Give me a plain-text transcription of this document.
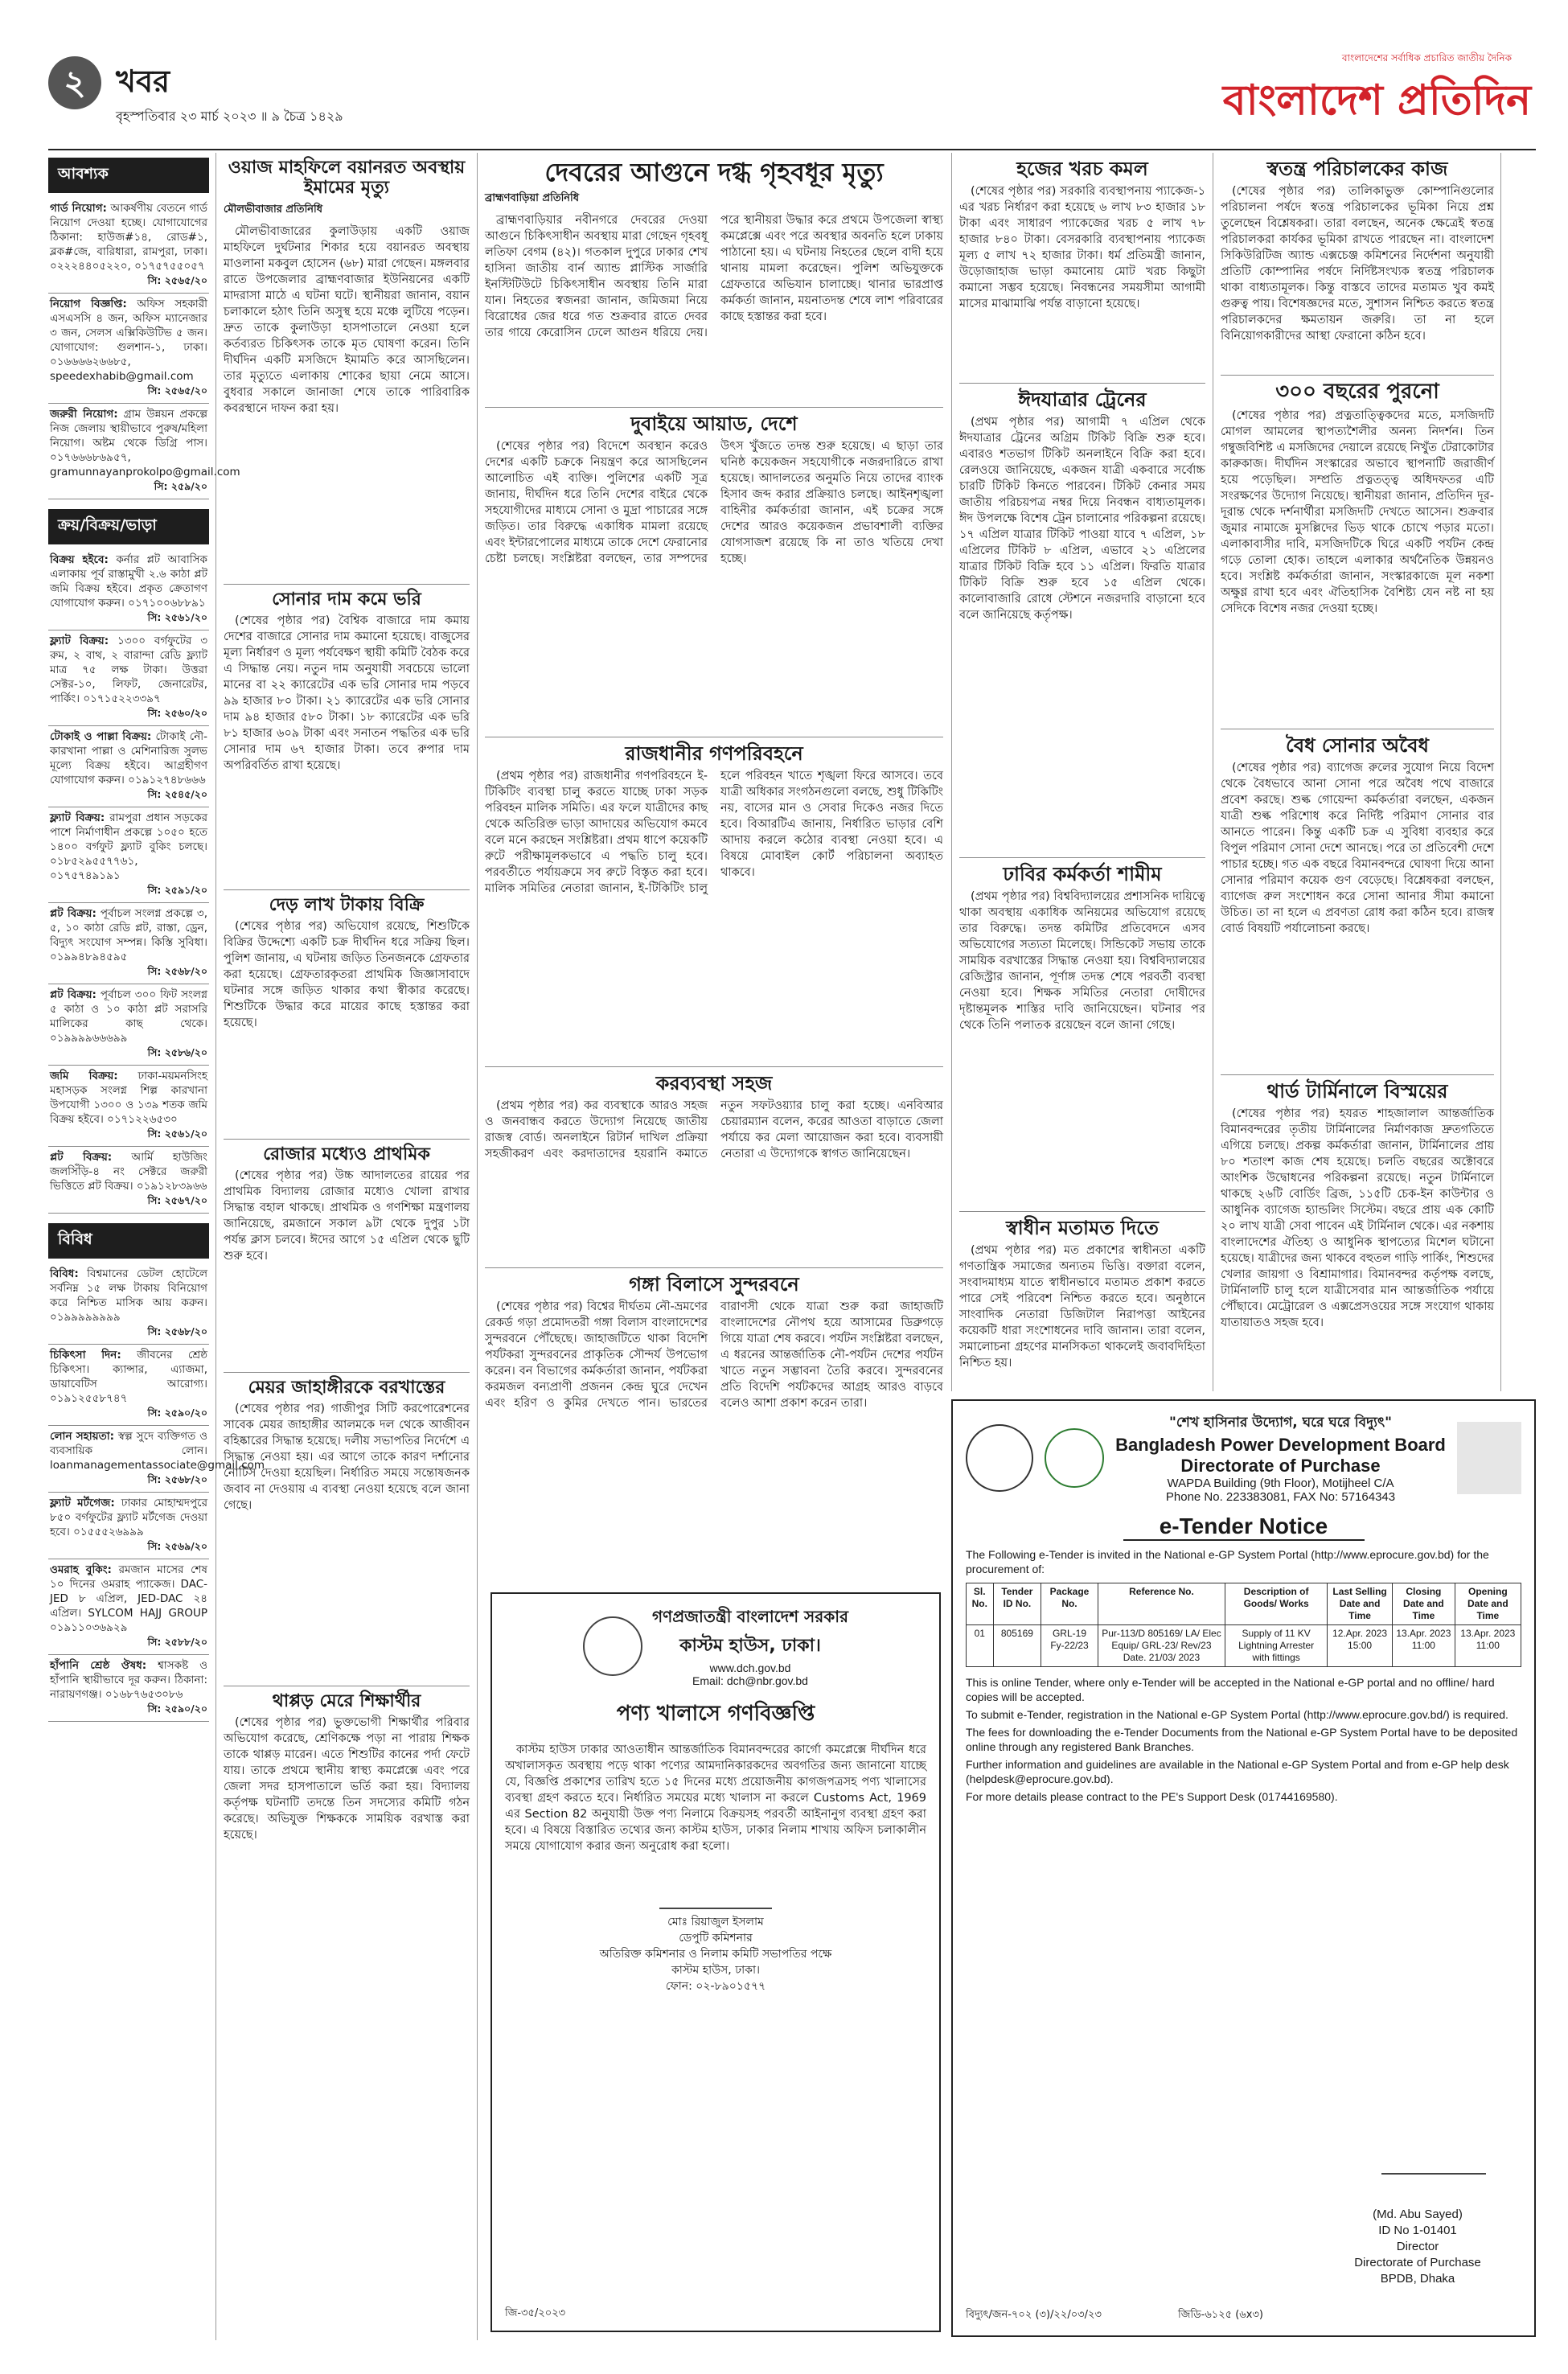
২ খবর
বৃহস্পতিবার ২৩ মার্চ ২০২৩ ॥ ৯ চৈত্র ১৪২৯
বাংলাদেশের সর্বাধিক প্রচারিত জাতীয় দৈনিক
বাংলাদেশ প্রতিদিন
আবশ্যক
গার্ড নিয়োগ: আকর্ষণীয় বেতনে গার্ড নিয়োগ দেওয়া হচ্ছে। যোগাযোগের ঠিকানা: হাউজ#১৪, রোড#১, ব্লক#জে, বারিধারা, রামপুরা, ঢাকা। ০২২২৪৪০৫২২০, ০১৭৫৭৫৫০৫৭
সি: ২৫৬৫/২০
নিয়োগ বিজ্ঞপ্তি: অফিস সহকারী এসএসসি ৪ জন, অফিস ম্যানেজার ৩ জন, সেলস এক্সিকিউটিভ ৫ জন। যোগাযোগ: গুলশান-১, ঢাকা। ০১৬৬৬৬২৬৬৮৫, speedexhabib@gmail.com
সি: ২৫৬৫/২০
জরুরী নিয়োগ: গ্রাম উন্নয়ন প্রকল্পে নিজ জেলায় স্থায়ীভাবে পুরুষ/মহিলা নিয়োগ। অষ্টম থেকে ডিগ্রি পাস। ০১৭৬৬৬৮৬৯৫৭, gramunnayanprokolpo@gmail.com
সি: ২৫৯/২০
ক্রয়/বিক্রয়/ভাড়া
বিক্রয় হইবে: কর্নার প্লট আবাসিক এলাকায় পূর্ব রাস্তামুখী ২.৬ কাঠা প্লট জমি বিক্রয় হইবে। প্রকৃত ক্রেতাগণ যোগাযোগ করুন। ০১৭১০০৬৮৮৯১
সি: ২৫৬১/২০
ফ্ল্যাট বিক্রয়: ১৩০০ বর্গফুটের ৩ রুম, ২ বাথ, ২ বারান্দা রেডি ফ্ল্যাট মাত্র ৭৫ লক্ষ টাকা। উত্তরা সেক্টর-১০, লিফট, জেনারেটর, পার্কিং। ০১৭১৫২২৩৩৯৭
সি: ২৫৬০/২০
টোকাই ও পাল্লা বিক্রয়: টোকাই নৌ-কারখানা পাল্লা ও মেশিনারিজ সুলভ মূল্যে বিক্রয় হইবে। আগ্রহীগণ যোগাযোগ করুন। ০১৯১২৭৪৮৬৬৬
সি: ২৫৪৫/২০
ফ্ল্যাট বিক্রয়: রামপুরা প্রধান সড়কের পাশে নির্মাণাধীন প্রকল্পে ১০৫০ হতে ১৪০০ বর্গফুট ফ্ল্যাট বুকিং চলছে। ০১৮৫২৯৫৫৭৭৬১, ০১৭৫৭৪৯১৯১
সি: ২৫৯১/২০
প্লট বিক্রয়: পূর্বাচল সংলগ্ন প্রকল্পে ৩, ৫, ১০ কাঠা রেডি প্লট, রাস্তা, ড্রেন, বিদ্যুৎ সংযোগ সম্পন্ন। কিস্তি সুবিধা। ০১৯৯৪৮৯৪৫৯৫
সি: ২৫৬৮/২০
প্লট বিক্রয়: পূর্বাচল ৩০০ ফিট সংলগ্ন ৫ কাঠা ও ১০ কাঠা প্লট সরাসরি মালিকের কাছ থেকে। ০১৯৯৯৯৬৬৬৯৯
সি: ২৫৮৬/২০
জমি বিক্রয়: ঢাকা-ময়মনসিংহ মহাসড়ক সংলগ্ন শিল্প কারখানা উপযোগী ১৩০০ ও ১৩৯ শতক জমি বিক্রয় হইবে। ০১৭১২২৬৫৩০
সি: ২৫৬১/২০
প্লট বিক্রয়: আর্মি হাউজিং জলসিঁড়ি-৪ নং সেক্টরে জরুরী ভিত্তিতে প্লট বিক্রয়। ০১৯১২৮৩৯৬৬
সি: ২৫৬৭/২০
বিবিধ
বিবিধ: বিশ্বমানের ডেটল হোটেলে সর্বনিম্ন ১৫ লক্ষ টাকায় বিনিয়োগ করে নিশ্চিত মাসিক আয় করুন। ০১৯৯৯৯৯৯৯৯
সি: ২৫৬৮/২০
চিকিৎসা দিন: জীবনের শ্রেষ্ঠ চিকিৎসা। ক্যান্সার, এ্যাজমা, ডায়াবেটিস আরোগ্য। ০১৯১২৫৫৮৭৪৭
সি: ২৫৯০/২০
লোন সহায়তা: স্বল্প সুদে ব্যক্তিগত ও ব্যবসায়িক লোন। loanmanagementassociate@gmail.com
সি: ২৫৬৮/২০
ফ্ল্যাট মর্টগেজ: ঢাকার মোহাম্মদপুরে ৮৫০ বর্গফুটের ফ্ল্যাট মর্টগেজ দেওয়া হবে। ০১৫৫৫২৬৯৯৯
সি: ২৫৬৯/২০
ওমরাহ বুকিং: রমজান মাসের শেষ ১০ দিনের ওমরাহ প্যাকেজ। DAC-JED ৮ এপ্রিল, JED-DAC ২৪ এপ্রিল। SYLCOM HAJJ GROUP ০১৯১১০৩৬৯২৯
সি: ২৫৮৮/২০
হাঁপানি শ্রেষ্ঠ ঔষধ: শ্বাসকষ্ট ও হাঁপানি স্থায়ীভাবে দূর করুন। ঠিকানা: নারায়ণগঞ্জ। ০১৬৮৭৬৫৩০৮৬
সি: ২৫৯০/২০
ওয়াজ মাহফিলে বয়ানরত অবস্থায় ইমামের মৃত্যু
মৌলভীবাজার প্রতিনিধি

মৌলভীবাজারের কুলাউড়ায় একটি ওয়াজ মাহফিলে দুর্ঘটনার শিকার হয়ে বয়ানরত অবস্থায় মাওলানা মকবুল হোসেন (৬৮) মারা গেছেন। মঙ্গলবার রাতে উপজেলার ব্রাহ্মণবাজার ইউনিয়নের একটি মাদরাসা মাঠে এ ঘটনা ঘটে। স্থানীয়রা জানান, বয়ান চলাকালে হঠাৎ তিনি অসুস্থ হয়ে মঞ্চে লুটিয়ে পড়েন। দ্রুত তাকে কুলাউড়া হাসপাতালে নেওয়া হলে কর্তব্যরত চিকিৎসক তাকে মৃত ঘোষণা করেন। তিনি দীর্ঘদিন একটি মসজিদে ইমামতি করে আসছিলেন। তার মৃত্যুতে এলাকায় শোকের ছায়া নেমে আসে। বুধবার সকালে জানাজা শেষে তাকে পারিবারিক কবরস্থানে দাফন করা হয়।

সোনার দাম কমে ভরি

(শেষের পৃষ্ঠার পর) বৈশ্বিক বাজারে দাম কমায় দেশের বাজারে সোনার দাম কমানো হয়েছে। বাজুসের মূল্য নির্ধারণ ও মূল্য পর্যবেক্ষণ স্থায়ী কমিটি বৈঠক করে এ সিদ্ধান্ত নেয়। নতুন দাম অনুযায়ী সবচেয়ে ভালো মানের বা ২২ ক্যারেটের এক ভরি সোনার দাম পড়বে ৯৯ হাজার ৮০ টাকা। ২১ ক্যারেটের এক ভরি সোনার দাম ৯৪ হাজার ৫৮০ টাকা। ১৮ ক্যারেটের এক ভরি ৮১ হাজার ৬০৯ টাকা এবং সনাতন পদ্ধতির এক ভরি সোনার দাম ৬৭ হাজার টাকা। তবে রুপার দাম অপরিবর্তিত রাখা হয়েছে।

দেড় লাখ টাকায় বিক্রি

(শেষের পৃষ্ঠার পর) অভিযোগ রয়েছে, শিশুটিকে বিক্রির উদ্দেশ্যে একটি চক্র দীর্ঘদিন ধরে সক্রিয় ছিল। পুলিশ জানায়, এ ঘটনায় জড়িত তিনজনকে গ্রেফতার করা হয়েছে। গ্রেফতারকৃতরা প্রাথমিক জিজ্ঞাসাবাদে ঘটনার সঙ্গে জড়িত থাকার কথা স্বীকার করেছে। শিশুটিকে উদ্ধার করে মায়ের কাছে হস্তান্তর করা হয়েছে।

রোজার মধ্যেও প্রাথমিক

(শেষের পৃষ্ঠার পর) উচ্চ আদালতের রায়ের পর প্রাথমিক বিদ্যালয় রোজার মধ্যেও খোলা রাখার সিদ্ধান্ত বহাল থাকছে। প্রাথমিক ও গণশিক্ষা মন্ত্রণালয় জানিয়েছে, রমজানে সকাল ৯টা থেকে দুপুর ১টা পর্যন্ত ক্লাস চলবে। ঈদের আগে ১৫ এপ্রিল থেকে ছুটি শুরু হবে।

মেয়র জাহাঙ্গীরকে বরখাস্তের

(শেষের পৃষ্ঠার পর) গাজীপুর সিটি করপোরেশনের সাবেক মেয়র জাহাঙ্গীর আলমকে দল থেকে আজীবন বহিষ্কারের সিদ্ধান্ত হয়েছে। দলীয় সভাপতির নির্দেশে এ সিদ্ধান্ত নেওয়া হয়। এর আগে তাকে কারণ দর্শানোর নোটিস দেওয়া হয়েছিল। নির্ধারিত সময়ে সন্তোষজনক জবাব না দেওয়ায় এ ব্যবস্থা নেওয়া হয়েছে বলে জানা গেছে।

থাপ্পড় মেরে শিক্ষার্থীর

(শেষের পৃষ্ঠার পর) ভুক্তভোগী শিক্ষার্থীর পরিবার অভিযোগ করেছে, শ্রেণিকক্ষে পড়া না পারায় শিক্ষক তাকে থাপ্পড় মারেন। এতে শিশুটির কানের পর্দা ফেটে যায়। তাকে প্রথমে স্থানীয় স্বাস্থ্য কমপ্লেক্সে এবং পরে জেলা সদর হাসপাতালে ভর্তি করা হয়। বিদ্যালয় কর্তৃপক্ষ ঘটনাটি তদন্তে তিন সদস্যের কমিটি গঠন করেছে। অভিযুক্ত শিক্ষককে সাময়িক বরখাস্ত করা হয়েছে।

দেবরের আগুনে দগ্ধ গৃহবধূর মৃত্যু
ব্রাহ্মণবাড়িয়া প্রতিনিধি

ব্রাহ্মণবাড়িয়ার নবীনগরে দেবরের দেওয়া আগুনে চিকিৎসাধীন অবস্থায় মারা গেছেন গৃহবধূ লতিফা বেগম (৪২)। গতকাল দুপুরে ঢাকার শেখ হাসিনা জাতীয় বার্ন অ্যান্ড প্লাস্টিক সার্জারি ইনস্টিটিউটে চিকিৎসাধীন অবস্থায় তিনি মারা যান। নিহতের স্বজনরা জানান, জমিজমা নিয়ে বিরোধের জের ধরে গত শুক্রবার রাতে দেবর তার গায়ে কেরোসিন ঢেলে আগুন ধরিয়ে দেয়। পরে স্থানীয়রা উদ্ধার করে প্রথমে উপজেলা স্বাস্থ্য কমপ্লেক্সে এবং পরে অবস্থার অবনতি হলে ঢাকায় পাঠানো হয়। এ ঘটনায় নিহতের ছেলে বাদী হয়ে থানায় মামলা করেছেন। পুলিশ অভিযুক্তকে গ্রেফতারে অভিযান চালাচ্ছে। থানার ভারপ্রাপ্ত কর্মকর্তা জানান, ময়নাতদন্ত শেষে লাশ পরিবারের কাছে হস্তান্তর করা হবে।

দুবাইয়ে আয়াড, দেশে

(শেষের পৃষ্ঠার পর) বিদেশে অবস্থান করেও দেশের একটি চক্রকে নিয়ন্ত্রণ করে আসছিলেন আলোচিত এই ব্যক্তি। পুলিশের একটি সূত্র জানায়, দীর্ঘদিন ধরে তিনি দেশের বাইরে থেকে সহযোগীদের মাধ্যমে সোনা ও মুদ্রা পাচারের সঙ্গে জড়িত। তার বিরুদ্ধে একাধিক মামলা রয়েছে এবং ইন্টারপোলের মাধ্যমে তাকে দেশে ফেরানোর চেষ্টা চলছে। সংশ্লিষ্টরা বলছেন, তার সম্পদের উৎস খুঁজতে তদন্ত শুরু হয়েছে। এ ছাড়া তার ঘনিষ্ঠ কয়েকজন সহযোগীকে নজরদারিতে রাখা হয়েছে। আদালতের অনুমতি নিয়ে তাদের ব্যাংক হিসাব জব্দ করার প্রক্রিয়াও চলছে। আইনশৃঙ্খলা বাহিনীর কর্মকর্তারা জানান, এই চক্রের সঙ্গে দেশের আরও কয়েকজন প্রভাবশালী ব্যক্তির যোগসাজশ রয়েছে কি না তাও খতিয়ে দেখা হচ্ছে।

রাজধানীর গণপরিবহনে

(প্রথম পৃষ্ঠার পর) রাজধানীর গণপরিবহনে ই-টিকিটিং ব্যবস্থা চালু করতে যাচ্ছে ঢাকা সড়ক পরিবহন মালিক সমিতি। এর ফলে যাত্রীদের কাছ থেকে অতিরিক্ত ভাড়া আদায়ের অভিযোগ কমবে বলে মনে করছেন সংশ্লিষ্টরা। প্রথম ধাপে কয়েকটি রুটে পরীক্ষামূলকভাবে এ পদ্ধতি চালু হবে। পরবর্তীতে পর্যায়ক্রমে সব রুটে বিস্তৃত করা হবে। মালিক সমিতির নেতারা জানান, ই-টিকিটিং চালু হলে পরিবহন খাতে শৃঙ্খলা ফিরে আসবে। তবে যাত্রী অধিকার সংগঠনগুলো বলছে, শুধু টিকিটিং নয়, বাসের মান ও সেবার দিকেও নজর দিতে হবে। বিআরটিএ জানায়, নির্ধারিত ভাড়ার বেশি আদায় করলে কঠোর ব্যবস্থা নেওয়া হবে। এ বিষয়ে মোবাইল কোর্ট পরিচালনা অব্যাহত থাকবে।

করব্যবস্থা সহজ

(প্রথম পৃষ্ঠার পর) কর ব্যবস্থাকে আরও সহজ ও জনবান্ধব করতে উদ্যোগ নিয়েছে জাতীয় রাজস্ব বোর্ড। অনলাইনে রিটার্ন দাখিল প্রক্রিয়া সহজীকরণ এবং করদাতাদের হয়রানি কমাতে নতুন সফটওয়্যার চালু করা হচ্ছে। এনবিআর চেয়ারম্যান বলেন, করের আওতা বাড়াতে জেলা পর্যায়ে কর মেলা আয়োজন করা হবে। ব্যবসায়ী নেতারা এ উদ্যোগকে স্বাগত জানিয়েছেন।

গঙ্গা বিলাসে সুন্দরবনে

(শেষের পৃষ্ঠার পর) বিশ্বের দীর্ঘতম নৌ-ভ্রমণের রেকর্ড গড়া প্রমোদতরী গঙ্গা বিলাস বাংলাদেশের সুন্দরবনে পৌঁছেছে। জাহাজটিতে থাকা বিদেশি পর্যটকরা সুন্দরবনের প্রাকৃতিক সৌন্দর্য উপভোগ করেন। বন বিভাগের কর্মকর্তারা জানান, পর্যটকরা করমজল বন্যপ্রাণী প্রজনন কেন্দ্র ঘুরে দেখেন এবং হরিণ ও কুমির দেখতে পান। ভারতের বারাণসী থেকে যাত্রা শুরু করা জাহাজটি বাংলাদেশের নৌপথ হয়ে আসামের ডিব্রুগড়ে গিয়ে যাত্রা শেষ করবে। পর্যটন সংশ্লিষ্টরা বলছেন, এ ধরনের আন্তর্জাতিক নৌ-পর্যটন দেশের পর্যটন খাতে নতুন সম্ভাবনা তৈরি করবে। সুন্দরবনের প্রতি বিদেশি পর্যটকদের আগ্রহ আরও বাড়বে বলেও আশা প্রকাশ করেন তারা।

গণপ্রজাতন্ত্রী বাংলাদেশ সরকার
কাস্টম হাউস, ঢাকা।
www.dch.gov.bd
Email: dch@nbr.gov.bd
পণ্য খালাসে গণবিজ্ঞপ্তি

কাস্টম হাউস ঢাকার আওতাধীন আন্তর্জাতিক বিমানবন্দরের কার্গো কমপ্লেক্সে দীর্ঘদিন ধরে অখালাসকৃত অবস্থায় পড়ে থাকা পণ্যের আমদানিকারকদের অবগতির জন্য জানানো যাচ্ছে যে, বিজ্ঞপ্তি প্রকাশের তারিখ হতে ১৫ দিনের মধ্যে প্রয়োজনীয় কাগজপত্রসহ পণ্য খালাসের ব্যবস্থা গ্রহণ করতে হবে। নির্ধারিত সময়ের মধ্যে খালাস না করলে Customs Act, 1969 এর Section 82 অনুযায়ী উক্ত পণ্য নিলামে বিক্রয়সহ পরবর্তী আইনানুগ ব্যবস্থা গ্রহণ করা হবে। এ বিষয়ে বিস্তারিত তথ্যের জন্য কাস্টম হাউস, ঢাকার নিলাম শাখায় অফিস চলাকালীন সময়ে যোগাযোগ করার জন্য অনুরোধ করা হলো।

মোঃ রিয়াজুল ইসলাম
ডেপুটি কমিশনার
অতিরিক্ত কমিশনার ও নিলাম কমিটি সভাপতির পক্ষে
কাস্টম হাউস, ঢাকা।
ফোন: ০২-৮৯০১৫৭৭
জি-৩৫/২০২৩
হজের খরচ কমল

(শেষের পৃষ্ঠার পর) সরকারি ব্যবস্থাপনায় প্যাকেজ-১ এর খরচ নির্ধারণ করা হয়েছে ৬ লাখ ৮৩ হাজার ১৮ টাকা এবং সাধারণ প্যাকেজের খরচ ৫ লাখ ৭৮ হাজার ৮৪০ টাকা। বেসরকারি ব্যবস্থাপনায় প্যাকেজ মূল্য ৫ লাখ ৭২ হাজার টাকা। ধর্ম প্রতিমন্ত্রী জানান, উড়োজাহাজ ভাড়া কমানোয় মোট খরচ কিছুটা কমানো সম্ভব হয়েছে। নিবন্ধনের সময়সীমা আগামী মাসের মাঝামাঝি পর্যন্ত বাড়ানো হয়েছে।

ঈদযাত্রার ট্রেনের

(প্রথম পৃষ্ঠার পর) আগামী ৭ এপ্রিল থেকে ঈদযাত্রার ট্রেনের অগ্রিম টিকিট বিক্রি শুরু হবে। এবারও শতভাগ টিকিট অনলাইনে বিক্রি করা হবে। রেলওয়ে জানিয়েছে, একজন যাত্রী একবারে সর্বোচ্চ চারটি টিকিট কিনতে পারবেন। টিকিট কেনার সময় জাতীয় পরিচয়পত্র নম্বর দিয়ে নিবন্ধন বাধ্যতামূলক। ঈদ উপলক্ষে বিশেষ ট্রেন চালানোর পরিকল্পনা রয়েছে। ১৭ এপ্রিল যাত্রার টিকিট পাওয়া যাবে ৭ এপ্রিল, ১৮ এপ্রিলের টিকিট ৮ এপ্রিল, এভাবে ২১ এপ্রিলের যাত্রার টিকিট বিক্রি হবে ১১ এপ্রিল। ফিরতি যাত্রার টিকিট বিক্রি শুরু হবে ১৫ এপ্রিল থেকে। কালোবাজারি রোধে স্টেশনে নজরদারি বাড়ানো হবে বলে জানিয়েছে কর্তৃপক্ষ।

ঢাবির কর্মকর্তা শামীম

(প্রথম পৃষ্ঠার পর) বিশ্ববিদ্যালয়ের প্রশাসনিক দায়িত্বে থাকা অবস্থায় একাধিক অনিয়মের অভিযোগ রয়েছে তার বিরুদ্ধে। তদন্ত কমিটির প্রতিবেদনে এসব অভিযোগের সত্যতা মিলেছে। সিন্ডিকেট সভায় তাকে সাময়িক বরখাস্তের সিদ্ধান্ত নেওয়া হয়। বিশ্ববিদ্যালয়ের রেজিস্ট্রার জানান, পূর্ণাঙ্গ তদন্ত শেষে পরবর্তী ব্যবস্থা নেওয়া হবে। শিক্ষক সমিতির নেতারা দোষীদের দৃষ্টান্তমূলক শাস্তির দাবি জানিয়েছেন। ঘটনার পর থেকে তিনি পলাতক রয়েছেন বলে জানা গেছে।

স্বাধীন মতামত দিতে

(প্রথম পৃষ্ঠার পর) মত প্রকাশের স্বাধীনতা একটি গণতান্ত্রিক সমাজের অন্যতম ভিত্তি। বক্তারা বলেন, সংবাদমাধ্যম যাতে স্বাধীনভাবে মতামত প্রকাশ করতে পারে সেই পরিবেশ নিশ্চিত করতে হবে। অনুষ্ঠানে সাংবাদিক নেতারা ডিজিটাল নিরাপত্তা আইনের কয়েকটি ধারা সংশোধনের দাবি জানান। তারা বলেন, সমালোচনা গ্রহণের মানসিকতা থাকলেই জবাবদিহিতা নিশ্চিত হয়।

স্বতন্ত্র পরিচালকের কাজ

(শেষের পৃষ্ঠার পর) তালিকাভুক্ত কোম্পানিগুলোর পরিচালনা পর্ষদে স্বতন্ত্র পরিচালকের ভূমিকা নিয়ে প্রশ্ন তুলেছেন বিশ্লেষকরা। তারা বলছেন, অনেক ক্ষেত্রেই স্বতন্ত্র পরিচালকরা কার্যকর ভূমিকা রাখতে পারছেন না। বাংলাদেশ সিকিউরিটিজ অ্যান্ড এক্সচেঞ্জ কমিশনের নির্দেশনা অনুযায়ী প্রতিটি কোম্পানির পর্ষদে নির্দিষ্টসংখ্যক স্বতন্ত্র পরিচালক থাকা বাধ্যতামূলক। কিন্তু বাস্তবে তাদের মতামত খুব কমই গুরুত্ব পায়। বিশেষজ্ঞদের মতে, সুশাসন নিশ্চিত করতে স্বতন্ত্র পরিচালকদের ক্ষমতায়ন জরুরি। তা না হলে বিনিয়োগকারীদের আস্থা ফেরানো কঠিন হবে।

৩০০ বছরের পুরনো

(শেষের পৃষ্ঠার পর) প্রত্নতাত্ত্বিকদের মতে, মসজিদটি মোগল আমলের স্থাপত্যশৈলীর অনন্য নিদর্শন। তিন গম্বুজবিশিষ্ট এ মসজিদের দেয়ালে রয়েছে নিখুঁত টেরাকোটার কারুকাজ। দীর্ঘদিন সংস্কারের অভাবে স্থাপনাটি জরাজীর্ণ হয়ে পড়েছিল। সম্প্রতি প্রত্নতত্ত্ব অধিদফতর এটি সংরক্ষণের উদ্যোগ নিয়েছে। স্থানীয়রা জানান, প্রতিদিন দূর-দূরান্ত থেকে দর্শনার্থীরা মসজিদটি দেখতে আসেন। শুক্রবার জুমার নামাজে মুসল্লিদের ভিড় থাকে চোখে পড়ার মতো। এলাকাবাসীর দাবি, মসজিদটিকে ঘিরে একটি পর্যটন কেন্দ্র গড়ে তোলা হোক। তাহলে এলাকার অর্থনৈতিক উন্নয়নও হবে। সংশ্লিষ্ট কর্মকর্তারা জানান, সংস্কারকাজে মূল নকশা অক্ষুণ্ণ রাখা হবে এবং ঐতিহাসিক বৈশিষ্ট্য যেন নষ্ট না হয় সেদিকে বিশেষ নজর দেওয়া হচ্ছে।

বৈধ সোনার অবৈধ

(শেষের পৃষ্ঠার পর) ব্যাগেজ রুলের সুযোগ নিয়ে বিদেশ থেকে বৈধভাবে আনা সোনা পরে অবৈধ পথে বাজারে প্রবেশ করছে। শুল্ক গোয়েন্দা কর্মকর্তারা বলছেন, একজন যাত্রী শুল্ক পরিশোধ করে নির্দিষ্ট পরিমাণ সোনার বার আনতে পারেন। কিন্তু একটি চক্র এ সুবিধা ব্যবহার করে বিপুল পরিমাণ সোনা দেশে আনছে। পরে তা প্রতিবেশী দেশে পাচার হচ্ছে। গত এক বছরে বিমানবন্দরে ঘোষণা দিয়ে আনা সোনার পরিমাণ কয়েক গুণ বেড়েছে। বিশ্লেষকরা বলছেন, ব্যাগেজ রুল সংশোধন করে সোনা আনার সীমা কমানো উচিত। তা না হলে এ প্রবণতা রোধ করা কঠিন হবে। রাজস্ব বোর্ড বিষয়টি পর্যালোচনা করছে।

থার্ড টার্মিনালে বিস্ময়ের

(শেষের পৃষ্ঠার পর) হযরত শাহজালাল আন্তর্জাতিক বিমানবন্দরের তৃতীয় টার্মিনালের নির্মাণকাজ দ্রুতগতিতে এগিয়ে চলছে। প্রকল্প কর্মকর্তারা জানান, টার্মিনালের প্রায় ৮০ শতাংশ কাজ শেষ হয়েছে। চলতি বছরের অক্টোবরে আংশিক উদ্বোধনের পরিকল্পনা রয়েছে। নতুন টার্মিনালে থাকছে ২৬টি বোর্ডিং ব্রিজ, ১১৫টি চেক-ইন কাউন্টার ও আধুনিক ব্যাগেজ হ্যান্ডলিং সিস্টেম। বছরে প্রায় এক কোটি ২০ লাখ যাত্রী সেবা পাবেন এই টার্মিনাল থেকে। এর নকশায় বাংলাদেশের ঐতিহ্য ও আধুনিক স্থাপত্যের মিশেল ঘটানো হয়েছে। যাত্রীদের জন্য থাকবে বহুতল গাড়ি পার্কিং, শিশুদের খেলার জায়গা ও বিশ্রামাগার। বিমানবন্দর কর্তৃপক্ষ বলছে, টার্মিনালটি চালু হলে যাত্রীসেবার মান আন্তর্জাতিক পর্যায়ে পৌঁছাবে। মেট্রোরেল ও এক্সপ্রেসওয়ের সঙ্গে সংযোগ থাকায় যাতায়াতও সহজ হবে।

"শেখ হাসিনার উদ্যোগ, ঘরে ঘরে বিদ্যুৎ"
Bangladesh Power Development Board
Directorate of Purchase
WAPDA Building (9th Floor), Motijheel C/A
Phone No. 223383081, FAX No: 57164343
e-Tender Notice
The Following e-Tender is invited in the National e-GP System Portal (http://www.eprocure.gov.bd) for the procurement of:
Sl. No.	Tender ID No.	Package No.	Reference No.	Description of Goods/ Works	Last Selling Date and Time	Closing Date and Time	Opening Date and Time
01	805169	GRL-19 Fy-22/23	Pur-113/D 805169/ LA/ Elec Equip/ GRL-23/ Rev/23 Date. 21/03/ 2023	Supply of 11 KV Lightning Arrester with fittings	12.Apr. 2023 15:00	13.Apr. 2023 11:00	13.Apr. 2023 11:00
This is online Tender, where only e-Tender will be accepted in the National e-GP portal and no offline/ hard copies will be accepted.
To submit e-Tender, registration in the National e-GP System Portal (http://www.eprocure.gov.bd/) is required.
The fees for downloading the e-Tender Documents from the National e-GP System Portal have to be deposited online through any registered Bank Branches.
Further information and guidelines are available in the National e-GP System Portal and from e-GP help desk (helpdesk@eprocure.gov.bd).
For more details please contract to the PE's Support Desk (01744169580).
(Md. Abu Sayed)
ID No 1-01401
Director
Directorate of Purchase
BPDB, Dhaka
বিদ্যুৎ/জন-৭০২ (৩)/২২/০৩/২৩	জিডি-৬১২৫ (৬x৩)
